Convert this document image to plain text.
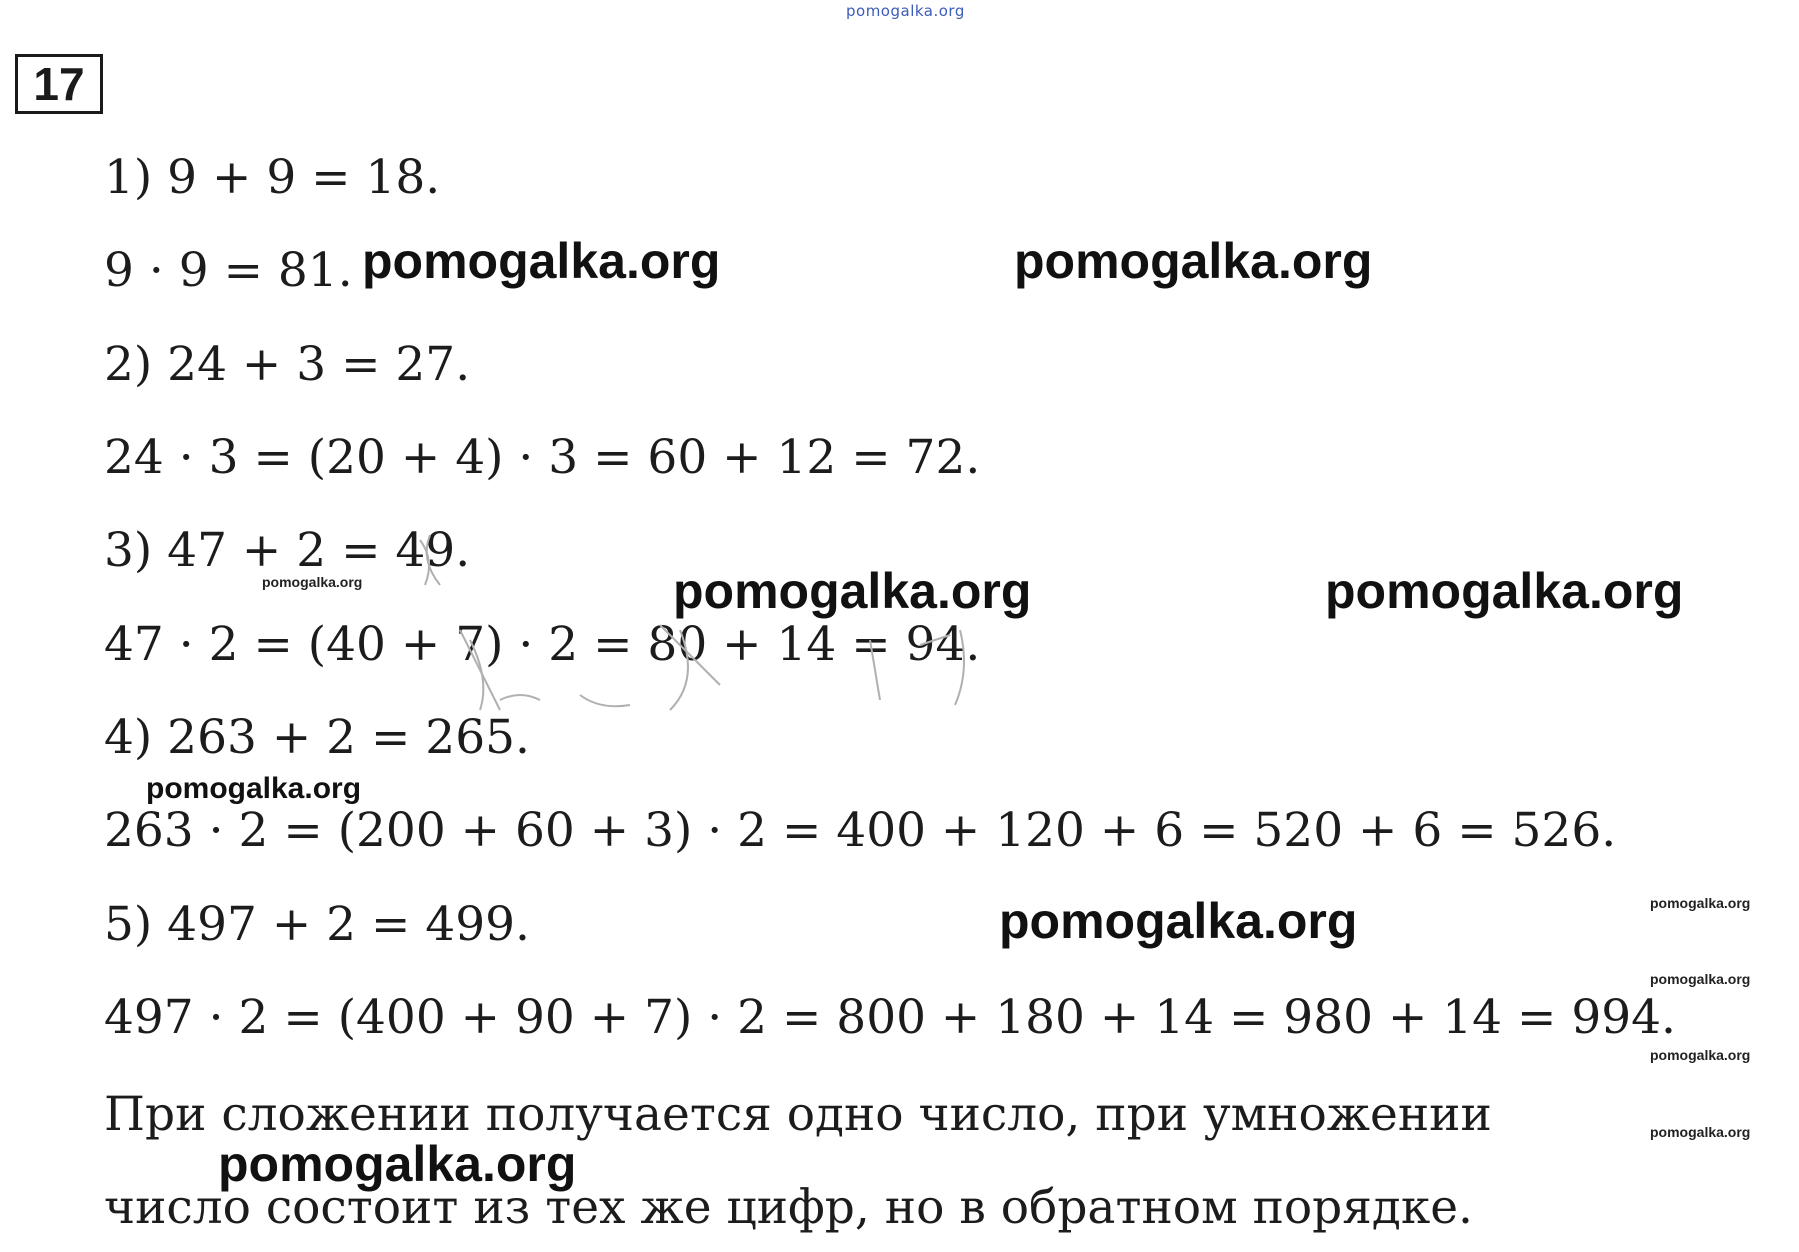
pomogalka.org
17
1) 9 + 9 = 18.
9 · 9 = 81.
2) 24 + 3 = 27.
24 · 3 = (20 + 4) · 3 = 60 + 12 = 72.
3) 47 + 2 = 49.
47 · 2 = (40 + 7) · 2 = 80 + 14 = 94.
4) 263 + 2 = 265.
263 · 2 = (200 + 60 + 3) · 2 = 400 + 120 + 6 = 520 + 6 = 526.
5) 497 + 2 = 499.
497 · 2 = (400 + 90 + 7) · 2 = 800 + 180 + 14 = 980 + 14 = 994.
При сложении получается одно число, при умножении
число состоит из тех же цифр, но в обратном порядке.
pomogalka.org	pomogalka.org
pomogalka.org	pomogalka.org
pomogalka.org
pomogalka.org
pomogalka.org
pomogalka.org
pomogalka.org
pomogalka.org
pomogalka.org
pomogalka.org
